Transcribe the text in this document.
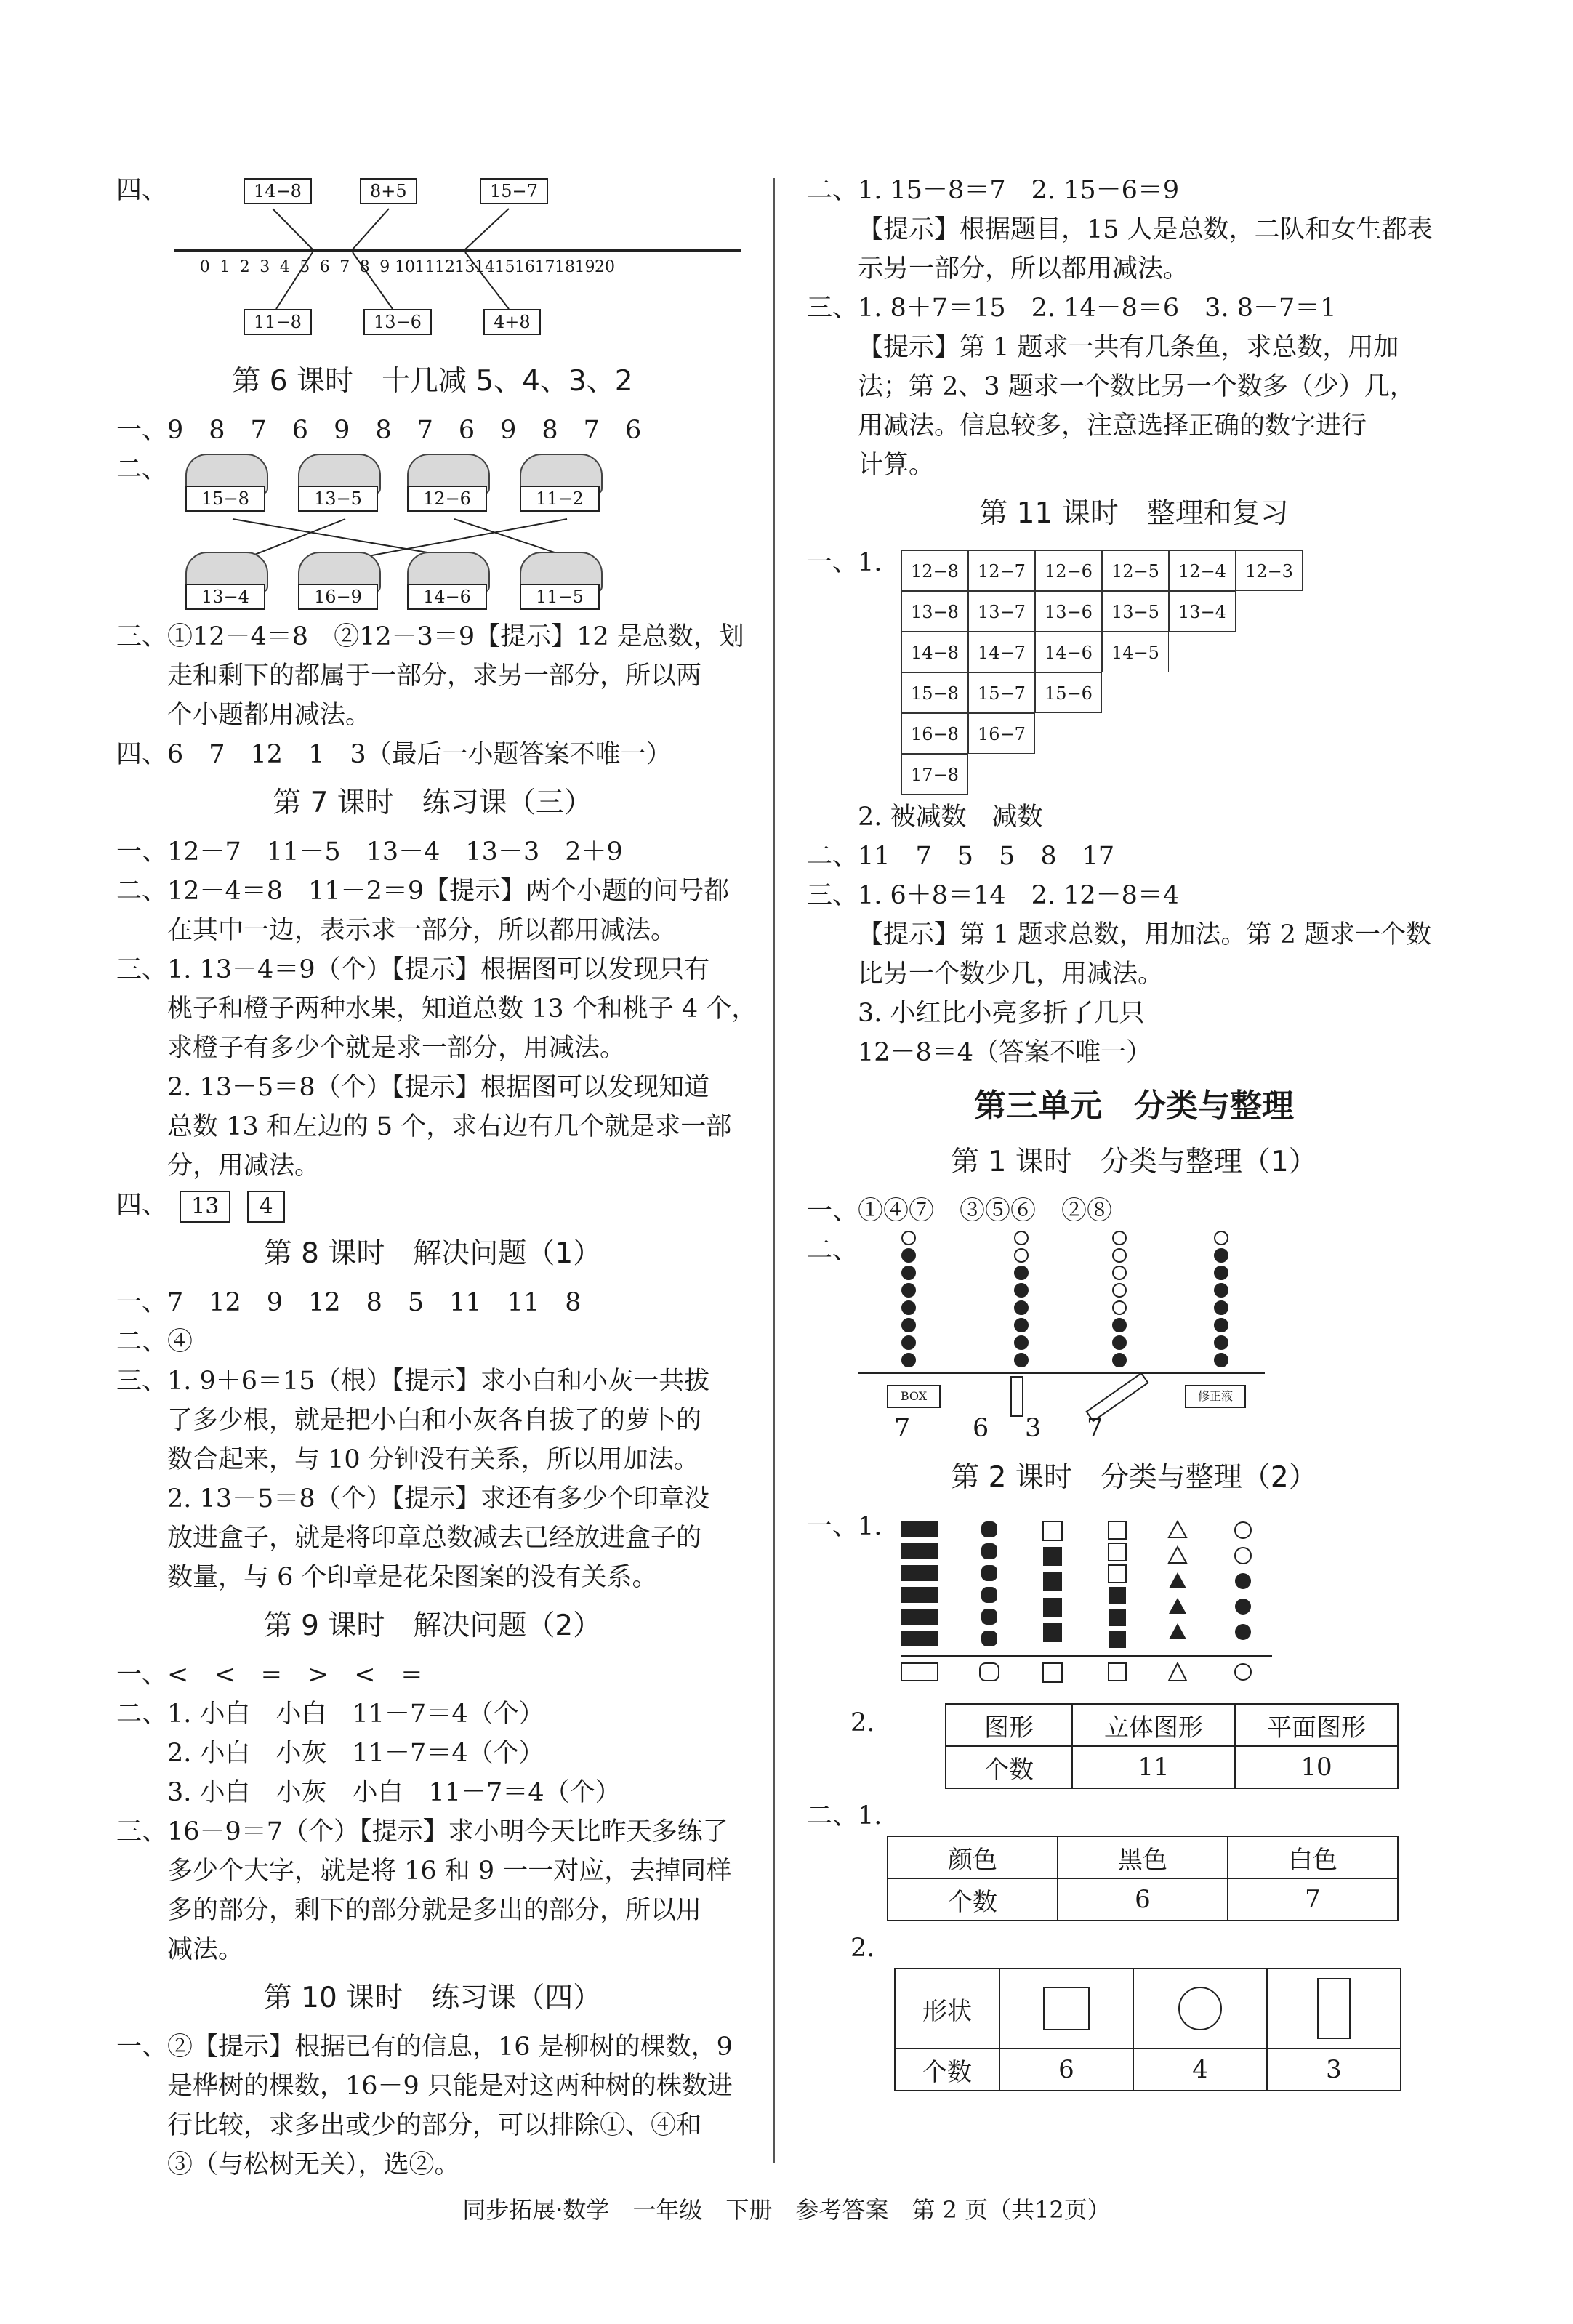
四、	14−8	8+5	15−7
0 1 2 3 4 5 6 7 8 9 10 11 12 13 14 15 16 17 18 19 20
11−8	13−6	4+8
第 6 课时　十几减 5、4、3、2
一、9　8　7　6　9　8　7　6　9　8　7　6
二、
15−8	13−5	12−6	11−2
13−4	16−9	14−6	11−5
三、①12－4＝8　②12－3＝9【提示】12 是总数，划
走和剩下的都属于一部分，求另一部分，所以两
个小题都用减法。
四、6　7　12　1　3（最后一小题答案不唯一）
第 7 课时　练习课（三）
一、12－7　11－5　13－4　13－3　2＋9
二、12－4＝8　11－2＝9【提示】两个小题的问号都
在其中一边，表示求一部分，所以都用减法。
三、1. 13－4＝9（个）【提示】根据图可以发现只有
桃子和橙子两种水果，知道总数 13 个和桃子 4 个，
求橙子有多少个就是求一部分，用减法。
2. 13－5＝8（个）【提示】根据图可以发现知道
总数 13 和左边的 5 个，求右边有几个就是求一部
分，用减法。
四、 13 4
第 8 课时　解决问题（1）
一、7　12　9　12　8　5　11　11　8
二、④
三、1. 9＋6＝15（根）【提示】求小白和小灰一共拔
了多少根，就是把小白和小灰各自拔了的萝卜的
数合起来，与 10 分钟没有关系，所以用加法。
2. 13－5＝8（个）【提示】求还有多少个印章没
放进盒子，就是将印章总数减去已经放进盒子的
数量，与 6 个印章是花朵图案的没有关系。
第 9 课时　解决问题（2）
一、<　<　=　>　<　=
二、1. 小白　小白　11－7＝4（个）
2. 小白　小灰　11－7＝4（个）
3. 小白　小灰　小白　11－7＝4（个）
三、16－9＝7（个）【提示】求小明今天比昨天多练了
多少个大字，就是将 16 和 9 一一对应，去掉同样
多的部分，剩下的部分就是多出的部分，所以用
减法。
第 10 课时　练习课（四）
一、②【提示】根据已有的信息，16 是柳树的棵数，9
是桦树的棵数，16－9 只能是对这两种树的株数进
行比较，求多出或少的部分，可以排除①、④和
③（与松树无关），选②。
二、1. 15－8＝7　2. 15－6＝9
【提示】根据题目，15 人是总数，二队和女生都表
示另一部分，所以都用减法。
三、1. 8＋7＝15　2. 14－8＝6　3. 8－7＝1
【提示】第 1 题求一共有几条鱼，求总数，用加
法；第 2、3 题求一个数比另一个数多（少）几，
用减法。信息较多，注意选择正确的数字进行
计算。
第 11 课时　整理和复习
一、1.	12−8	12−7	12−6	12−5	12−4	12−3
13−8	13−7	13−6	13−5	13−4
14−8	14−7	14−6	14−5
15−8	15−7	15−6
16−8	16−7
17−8
2. 被减数　减数
二、11　7　5　5　8　17
三、1. 6＋8＝14　2. 12－8＝4
【提示】第 1 题求总数，用加法。第 2 题求一个数
比另一个数少几，用减法。
3. 小红比小亮多折了几只
12－8＝4（答案不唯一）
第三单元　分类与整理
第 1 课时　分类与整理（1）
一、①④⑦　③⑤⑥　②⑧
二、
BOX	修正液
7 6 3 7
第 2 课时　分类与整理（2）
一、1.
2.	图形	立体图形	平面图形
个数	11	10
二、1.
颜色	黑色	白色
个数	6	7
2.
形状	

个数	6	4	3
同步拓展·数学　一年级　下册　参考答案　第 2 页（共12页）
